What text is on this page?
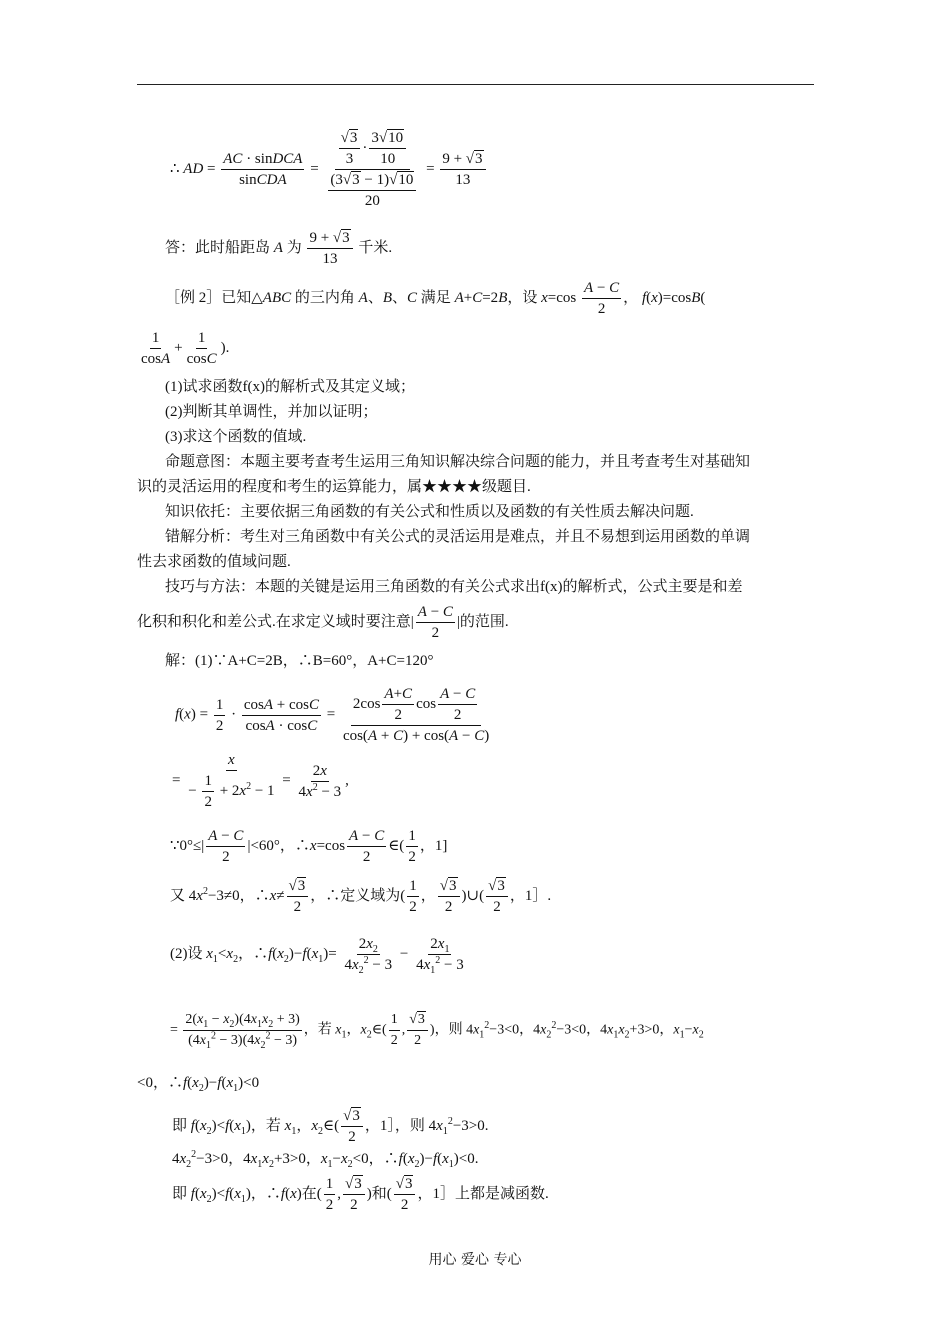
∴ AD =
AC · sinDCA
sinCDA
= $\frac{\frac{√3}{3} \cdot \frac{3√10}{10}}{\frac{(3√3 - 1)√10}{20}} = \frac{9 + √3}{13}$
答：此时船距岛 A 为 $\frac{9 + √3}{13}$ 千米.
［例 2］已知△ABC 的三内角 A、B、C 满足 A+C=2B，设 $x=\cos \frac{A - C}{2}$ ， f(x)=cosB(
$\frac{1}{\cos A} + \frac{1}{\cos C}$ ).
(1)试求函数f(x)的解析式及其定义域；
(2)判断其单调性，并加以证明；
(3)求这个函数的值域.
命题意图：本题主要考查考生运用三角知识解决综合问题的能力，并且考查考生对基础知
识的灵活运用的程度和考生的运算能力，属★★★★级题目.
知识依托：主要依据三角函数的有关公式和性质以及函数的有关性质去解决问题.
错解分析：考生对三角函数中有关公式的灵活运用是难点，并且不易想到运用函数的单调
性去求函数的值域问题.
技巧与方法：本题的关键是运用三角函数的有关公式求出f(x)的解析式，公式主要是和差
化积和积化和差公式.在求定义域时要注意| $\frac{A - C}{2}$ |的范围.
解：(1)∵A+C=2B，∴B=60°，A+C=120°
$f(x) = \frac{1}{2} \cdot \frac{\cos A + \cos C}{\cos A \cdot \cos C} = \frac{2\cos \frac{A+C}{2} \cos \frac{A - C}{2}}{\cos(A + C) + \cos(A - C)}$
= $\frac{x}{- \frac{1}{2} + 2x^2 - 1} = \frac{2x}{4x^2 - 3}$ ,
∵0°≤| $\frac{A - C}{2} |<60^\circ$，∴x=cos $\frac{A - C}{2}$ ∈( $\frac{1}{2}$ ，1]
又 $4x^2-3\ne 0$，∴x≠ $\frac{√3}{2}$ ，∴定义域为( $\frac{1}{2}$ ， $\frac{√3}{2}$ )∪( $\frac{√3}{2}$ ，1］.
(2)设 $x_1<x_2$，$\therefore f(x_2)-f(x_1)= \frac{2x_2}{4x_2^2 - 3} - \frac{2x_1}{4x_1^2 - 3}$
= $\frac{2(x_1 - x_2)(4x_1x_2 + 3)}{(4x_1^2 - 3)(4x_2^2 - 3)}$ ，若 $x_1$，$x_2\in( \frac{1}{2}$ , $\frac{√3}{2}$ )，则 $4x_1^2-3<0$，$4x_2^2-3<0$，$4x_1x_2+3>0$，$x_1-x_2$
<0，$\therefore f(x_2)-f(x_1)<0$
即 $f(x_2)<f(x_1)$，若 $x_1$，$x_2\in( \frac{√3}{2}$ ，1］，则 $4x_1^2-3>0$.
$4x_2^2-3>0$，$4x_1x_2+3>0$，$x_1-x_2<0$，$\therefore f(x_2)-f(x_1)<0$.
即 $f(x_2)<f(x_1)$，∴f(x)在( $\frac{1}{2}$ , $\frac{√3}{2}$ )和( $\frac{√3}{2}$ ，1］上都是减函数.
用心 爱心 专心
